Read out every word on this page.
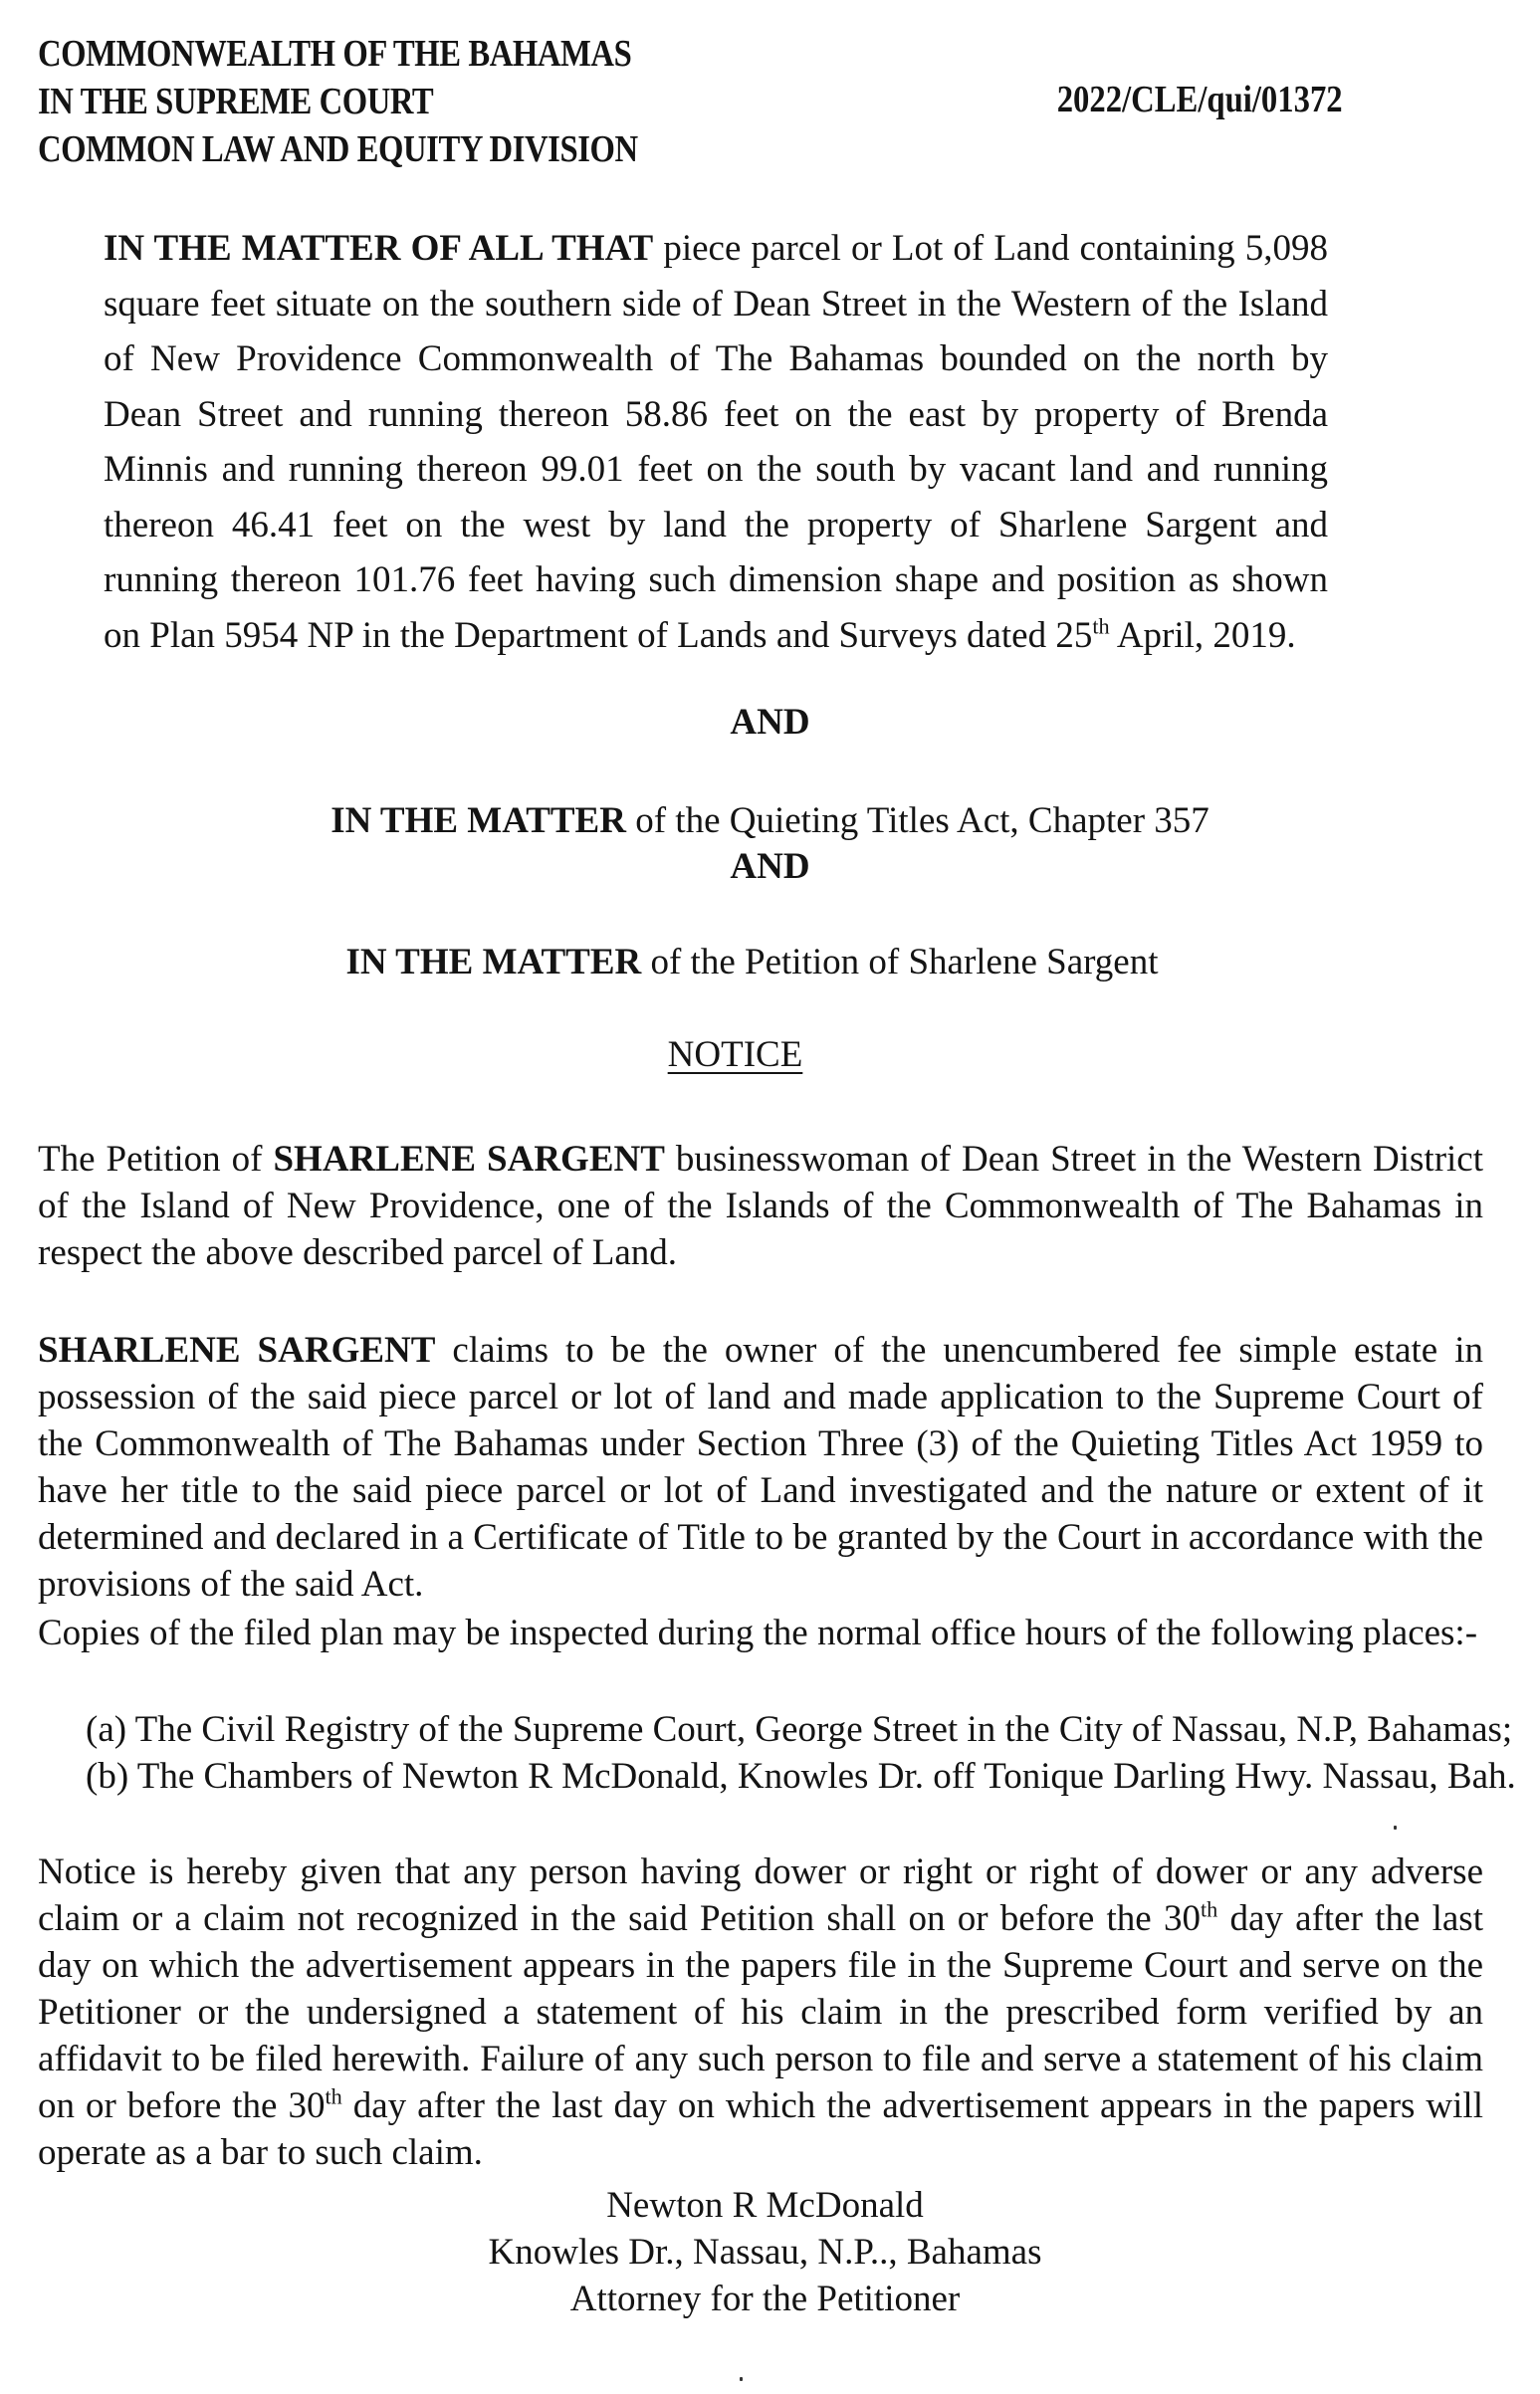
COMMONWEALTH OF THE BAHAMAS
IN THE SUPREME COURT
COMMON LAW AND EQUITY DIVISION
2022/CLE/qui/01372
IN THE MATTER OF ALL THAT piece parcel or Lot of Land containing 5,098 square feet situate on the southern side of Dean Street in the Western of the Island of New Providence Commonwealth of The Bahamas bounded on the north by Dean Street and running thereon 58.86 feet on the east by property of Brenda Minnis and running thereon 99.01 feet on the south by vacant land and running thereon 46.41 feet on the west by land the property of Sharlene Sargent and running thereon 101.76 feet having such dimension shape and position as shown on Plan 5954 NP in the Department of Lands and Surveys dated 25th April, 2019.
AND
IN THE MATTER of the Quieting Titles Act, Chapter 357
AND
IN THE MATTER of the Petition of Sharlene Sargent
NOTICE
The Petition of SHARLENE SARGENT businesswoman of Dean Street in the Western District of the Island of New Providence, one of the Islands of the Commonwealth of The Bahamas in respect the above described parcel of Land.
SHARLENE SARGENT claims to be the owner of the unencumbered fee simple estate in possession of the said piece parcel or lot of land and made application to the Supreme Court of the Commonwealth of The Bahamas under Section Three (3) of the Quieting Titles Act 1959 to have her title to the said piece parcel or lot of Land investigated and the nature or extent of it determined and declared in a Certificate of Title to be granted by the Court in accordance with the provisions of the said Act.
Copies of the filed plan may be inspected during the normal office hours of the following places:-
(a) The Civil Registry of the Supreme Court, George Street in the City of Nassau, N.P, Bahamas;
(b) The Chambers of Newton R McDonald, Knowles Dr. off Tonique Darling Hwy. Nassau, Bah.
Notice is hereby given that any person having dower or right or right of dower or any adverse claim or a claim not recognized in the said Petition shall on or before the 30th day after the last day on which the advertisement appears in the papers file in the Supreme Court and serve on the Petitioner or the undersigned a statement of his claim in the prescribed form verified by an affidavit to be filed herewith. Failure of any such person to file and serve a statement of his claim on or before the 30th day after the last day on which the advertisement appears in the papers will operate as a bar to such claim.
Newton R McDonald
Knowles Dr., Nassau, N.P.., Bahamas
Attorney for the Petitioner
